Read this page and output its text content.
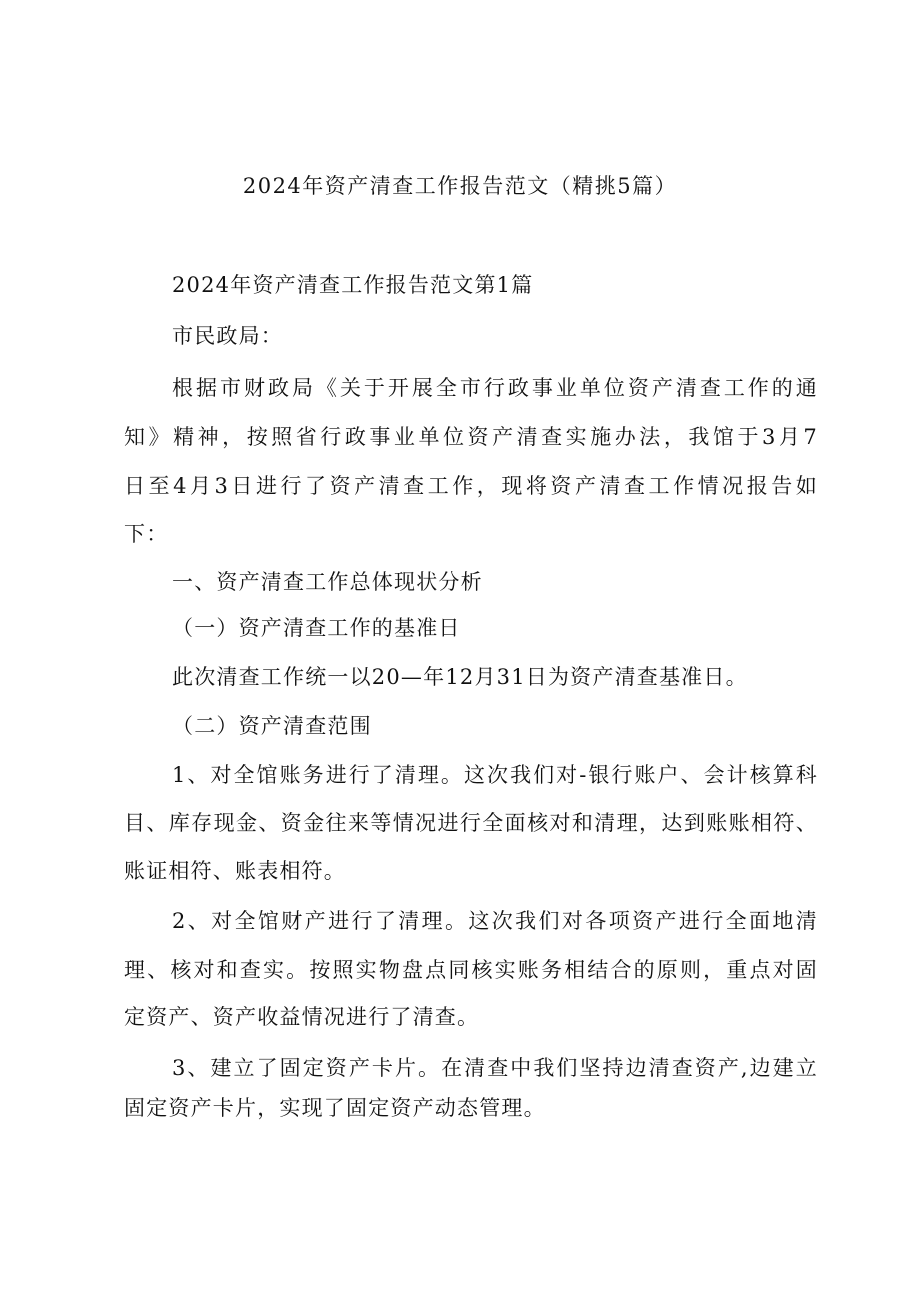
2024年资产清查工作报告范文（精挑5篇）
2024年资产清查工作报告范文第1篇
市民政局：
根据市财政局《关于开展全市行政事业单位资产清查工作的通
知》精神，按照省行政事业单位资产清查实施办法，我馆于3月7
日至4月3日进行了资产清查工作，现将资产清查工作情况报告如
下：
一、资产清查工作总体现状分析
（一）资产清查工作的基准日
此次清查工作统一以20—年12月31日为资产清查基准日。
（二）资产清查范围
1、对全馆账务进行了清理。这次我们对-银行账户、会计核算科
目、库存现金、资金往来等情况进行全面核对和清理，达到账账相符、
账证相符、账表相符。
2、对全馆财产进行了清理。这次我们对各项资产进行全面地清
理、核对和查实。按照实物盘点同核实账务相结合的原则，重点对固
定资产、资产收益情况进行了清查。
3、建立了固定资产卡片。在清查中我们坚持边清查资产,边建立
固定资产卡片，实现了固定资产动态管理。
